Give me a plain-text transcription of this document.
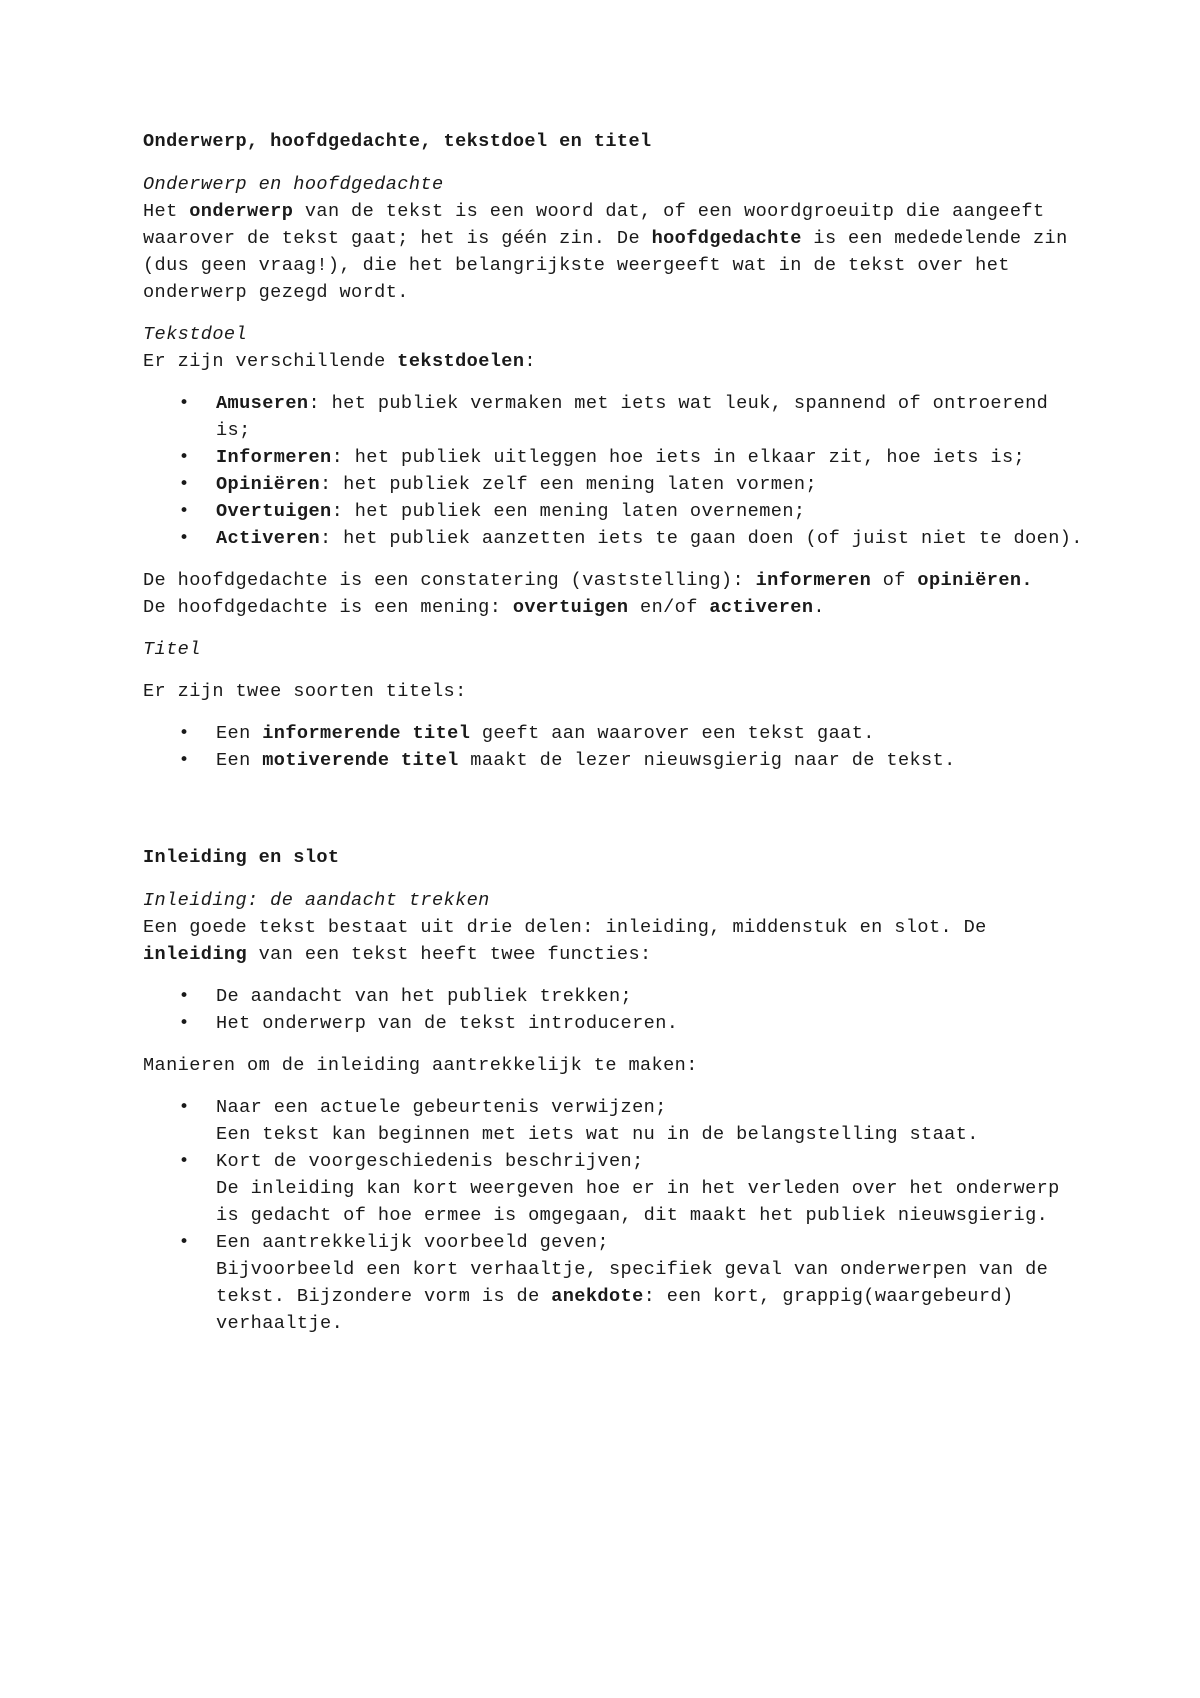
Onderwerp, hoofdgedachte, tekstdoel en titel

Onderwerp en hoofdgedachte

Het onderwerp van de tekst is een woord dat, of een woordgroeuitp die aangeeft waarover de tekst gaat; het is géén zin. De hoofdgedachte is een mededelende zin (dus geen vraag!), die het belangrijkste weergeeft wat in de tekst over het onderwerp gezegd wordt.

Tekstdoel

Er zijn verschillende tekstdoelen:

• Amuseren: het publiek vermaken met iets wat leuk, spannend of ontroerend is;
• Informeren: het publiek uitleggen hoe iets in elkaar zit, hoe iets is;
• Opiniëren: het publiek zelf een mening laten vormen;
• Overtuigen: het publiek een mening laten overnemen;
• Activeren: het publiek aanzetten iets te gaan doen (of juist niet te doen).

De hoofdgedachte is een constatering (vaststelling): informeren of opiniëren.

De hoofdgedachte is een mening: overtuigen en/of activeren.

Titel

Er zijn twee soorten titels:

• Een informerende titel geeft aan waarover een tekst gaat.
• Een motiverende titel maakt de lezer nieuwsgierig naar de tekst.

Inleiding en slot

Inleiding: de aandacht trekken

Een goede tekst bestaat uit drie delen: inleiding, middenstuk en slot. De inleiding van een tekst heeft twee functies:

• De aandacht van het publiek trekken;
• Het onderwerp van de tekst introduceren.

Manieren om de inleiding aantrekkelijk te maken:

• Naar een actuele gebeurtenis verwijzen;
Een tekst kan beginnen met iets wat nu in de belangstelling staat.
• Kort de voorgeschiedenis beschrijven;
De inleiding kan kort weergeven hoe er in het verleden over het onderwerp is gedacht of hoe ermee is omgegaan, dit maakt het publiek nieuwsgierig.
• Een aantrekkelijk voorbeeld geven;
Bijvoorbeeld een kort verhaaltje, specifiek geval van onderwerpen van de tekst. Bijzondere vorm is de anekdote: een kort, grappig(waargebeurd) verhaaltje.
